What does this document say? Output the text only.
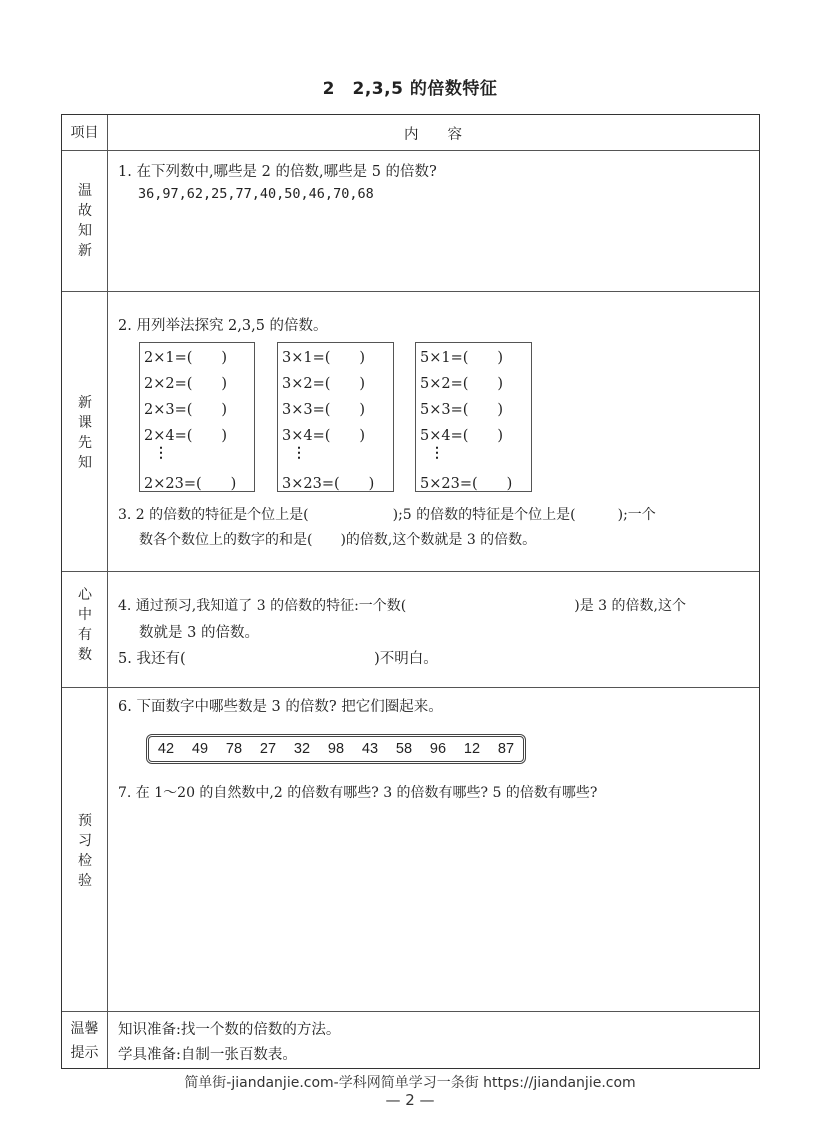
2　2,3,5 的倍数特征
项目	内　　容
温故知新
1. 在下列数中,哪些是 2 的倍数,哪些是 5 的倍数?
36,97,62,25,77,40,50,46,70,68
新课先知
2. 用列举法探究 2,3,5 的倍数。
2×1=(　　)
2×2=(　　)
2×3=(　　)
2×4=(　　)
⋮
2×23=(　　)
3×1=(　　)
3×2=(　　)
3×3=(　　)
3×4=(　　)
⋮
3×23=(　　)
5×1=(　　)
5×2=(　　)
5×3=(　　)
5×4=(　　)
⋮
5×23=(　　)
3. 2 的倍数的特征是个位上是(　　　　　　);5 的倍数的特征是个位上是(　　　);一个
数各个数位上的数字的和是(　　)的倍数,这个数就是 3 的倍数。
心中有数
4. 通过预习,我知道了 3 的倍数的特征:一个数(　　　　　　　　　　　　)是 3 的倍数,这个
数就是 3 的倍数。
5. 我还有(　　　　　　　　　　　　　)不明白。
预习检验
6. 下面数字中哪些数是 3 的倍数? 把它们圈起来。
42 49 78 27 32 98 43 58 96 12 87
7. 在 1～20 的自然数中,2 的倍数有哪些? 3 的倍数有哪些? 5 的倍数有哪些?
温馨
提示
知识准备:找一个数的倍数的方法。
学具准备:自制一张百数表。
简单街-jiandanjie.com-学科网简单学习一条街 https://jiandanjie.com
— 2 —
